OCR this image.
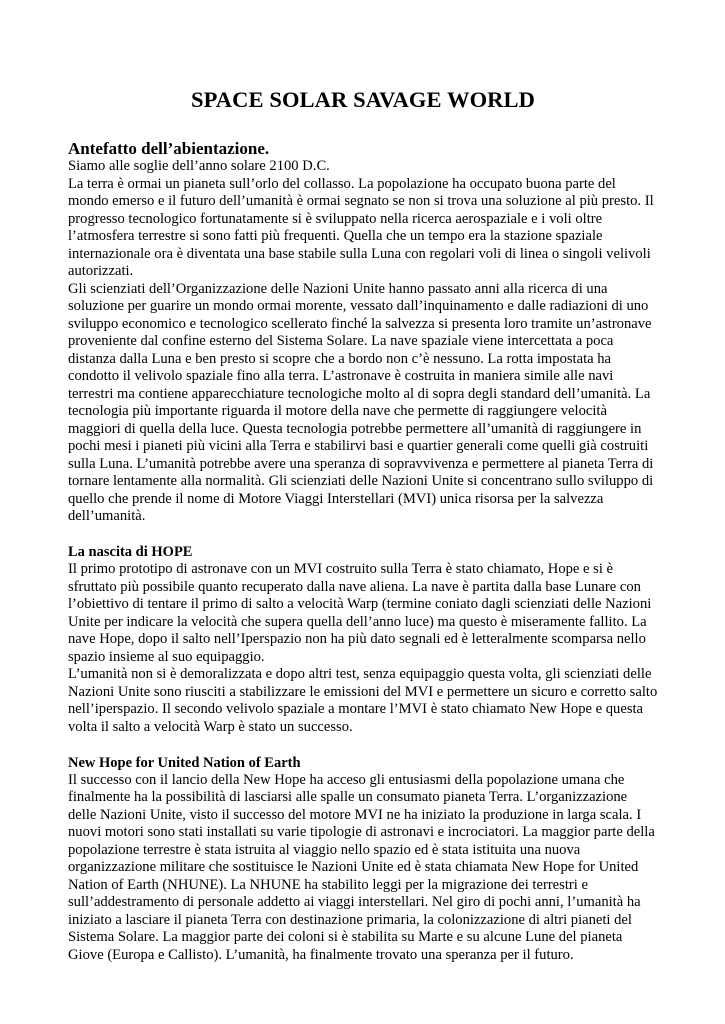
SPACE SOLAR SAVAGE WORLD
Antefatto dell’abientazione.
Siamo alle soglie dell’anno solare 2100 D.C.
La terra è ormai un pianeta sull’orlo del collasso. La popolazione ha occupato buona parte del mondo emerso e il futuro dell’umanità è ormai segnato se non si trova una soluzione al più presto. Il progresso tecnologico fortunatamente si è sviluppato nella ricerca aerospaziale e i voli oltre l’atmosfera terrestre si sono fatti più frequenti. Quella che un tempo era la stazione spaziale internazionale ora è diventata una base stabile sulla Luna con regolari voli di linea o singoli velivoli autorizzati.
Gli scienziati dell’Organizzazione delle Nazioni Unite hanno passato anni alla ricerca di una soluzione per guarire un mondo ormai morente, vessato dall’inquinamento e dalle radiazioni di uno sviluppo economico e tecnologico scellerato finché la salvezza si presenta loro tramite un’astronave proveniente dal confine esterno del Sistema Solare. La nave spaziale viene intercettata a poca distanza dalla Luna e ben presto si scopre che a bordo non c’è nessuno. La rotta impostata ha condotto il velivolo spaziale fino alla terra. L’astronave è costruita in maniera simile alle navi terrestri ma contiene apparecchiature tecnologiche molto al di sopra degli standard dell’umanità. La tecnologia più importante riguarda il motore della nave che permette di raggiungere velocità maggiori di quella della luce. Questa tecnologia potrebbe permettere all’umanità di raggiungere in pochi mesi i pianeti più vicini alla Terra e stabilirvi basi e quartier generali come quelli già costruiti sulla Luna. L’umanità potrebbe avere una speranza di sopravvivenza e permettere al pianeta Terra di tornare lentamente alla normalità. Gli scienziati delle Nazioni Unite si concentrano sullo sviluppo di quello che prende il nome di Motore Viaggi Interstellari (MVI) unica risorsa per la salvezza dell’umanità.
La nascita di HOPE
Il primo prototipo di astronave con un MVI costruito sulla Terra è stato chiamato, Hope e si è sfruttato più possibile quanto recuperato dalla nave aliena. La nave è partita dalla base Lunare con l’obiettivo di tentare il primo di salto a velocità Warp (termine coniato dagli scienziati delle Nazioni Unite per indicare la velocità che supera quella dell’anno luce) ma questo è miseramente fallito. La nave Hope, dopo il salto nell’Iperspazio non ha più dato segnali ed è letteralmente scomparsa nello spazio insieme al suo equipaggio.
L’umanità non si è demoralizzata e dopo altri test, senza equipaggio questa volta, gli scienziati delle Nazioni Unite sono riusciti a stabilizzare le emissioni del MVI e permettere un sicuro e corretto salto nell’iperspazio. Il secondo velivolo spaziale a montare l’MVI è stato chiamato New Hope e questa volta il salto a velocità Warp è stato un successo.
New Hope for United Nation of Earth
Il successo con il lancio della New Hope ha acceso gli entusiasmi della popolazione umana che finalmente ha la possibilità di lasciarsi alle spalle un consumato pianeta Terra. L’organizzazione delle Nazioni Unite, visto il successo del motore MVI ne ha iniziato la produzione in larga scala. I nuovi motori sono stati installati su varie tipologie di astronavi e incrociatori. La maggior parte della popolazione terrestre è stata istruita al viaggio nello spazio ed è stata istituita una nuova organizzazione militare che sostituisce le Nazioni Unite ed è stata chiamata New Hope for United Nation of Earth (NHUNE). La NHUNE ha stabilito leggi per la migrazione dei terrestri e sull’addestramento di personale addetto ai viaggi interstellari. Nel giro di pochi anni, l’umanità ha iniziato a lasciare il pianeta Terra con destinazione primaria, la colonizzazione di altri pianeti del Sistema Solare. La maggior parte dei coloni si è stabilita su Marte e su alcune Lune del pianeta Giove (Europa e Callisto). L’umanità, ha finalmente trovato una speranza per il futuro.
